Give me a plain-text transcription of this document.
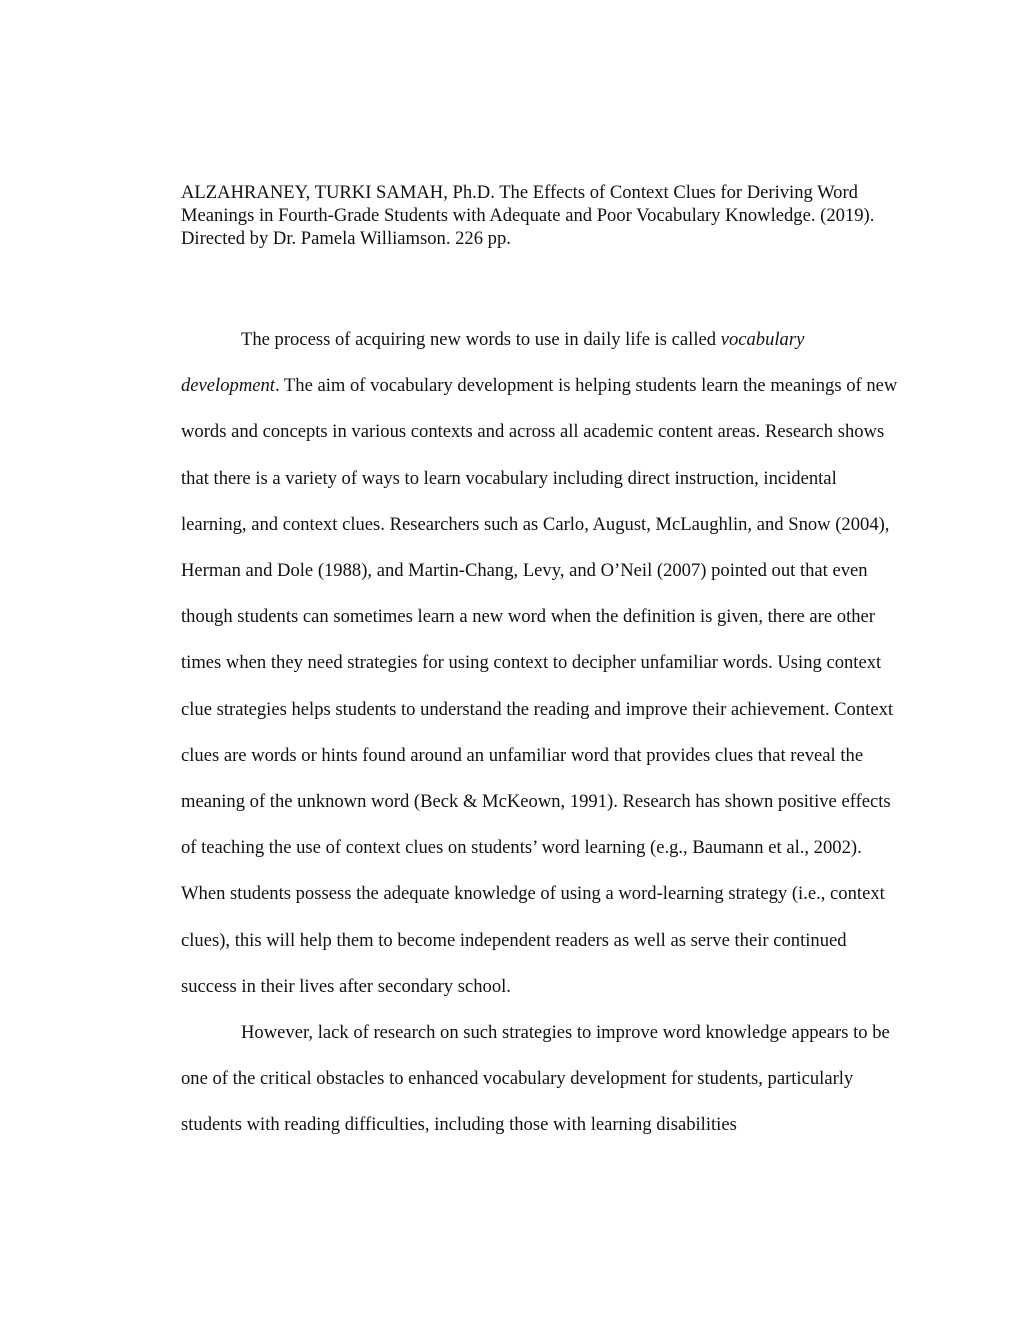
ALZAHRANEY, TURKI SAMAH, Ph.D. The Effects of Context Clues for Deriving Word Meanings in Fourth-Grade Students with Adequate and Poor Vocabulary Knowledge. (2019).

Directed by Dr. Pamela Williamson. 226 pp.

The process of acquiring new words to use in daily life is called vocabulary development. The aim of vocabulary development is helping students learn the meanings of new words and concepts in various contexts and across all academic content areas. Research shows that there is a variety of ways to learn vocabulary including direct instruction, incidental learning, and context clues. Researchers such as Carlo, August, McLaughlin, and Snow (2004), Herman and Dole (1988), and Martin-Chang, Levy, and O’Neil (2007) pointed out that even though students can sometimes learn a new word when the definition is given, there are other times when they need strategies for using context to decipher unfamiliar words. Using context clue strategies helps students to understand the reading and improve their achievement. Context clues are words or hints found around an unfamiliar word that provides clues that reveal the meaning of the unknown word (Beck & McKeown, 1991). Research has shown positive effects of teaching the use of context clues on students’ word learning (e.g., Baumann et al., 2002). When students possess the adequate knowledge of using a word-learning strategy (i.e., context clues), this will help them to become independent readers as well as serve their continued success in their lives after secondary school.

However, lack of research on such strategies to improve word knowledge appears to be one of the critical obstacles to enhanced vocabulary development for students, particularly students with reading difficulties, including those with learning disabilities
